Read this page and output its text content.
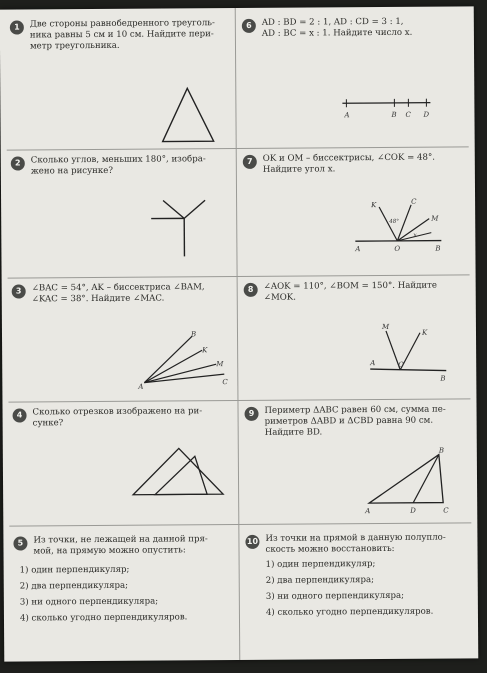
1	Две стороны равнобедренного треуголь-
ника равны 5 см и 10 см. Найдите пери-
метр треугольника.
6	AD : BD = 2 : 1, AD : CD = 3 : 1,
AD : BC = x : 1. Найдите число x.
A	B C D
2	Сколько углов, меньших 180°, изобра-
жено на рисунке?
7	OK и OM – биссектрисы, ∠COK = 48°.
Найдите угол x.
K	C
M
A	O	B
48°
x
3	∠BAC = 54°, AK – биссектриса ∠BAM,
∠KAC = 38°. Найдите ∠MAC.
B
K
M
A
C
8	∠AOK = 110°, ∠BOM = 150°. Найдите
∠MOK.
M
K
A	O
B
4	Сколько отрезков изображено на ри-
сунке?
9	Периметр ΔABC равен 60 см, сумма пе-
риметров ΔABD и ΔCBD равна 90 см.
Найдите BD.
B
A	D	C
5	Из точки, не лежащей на данной пря-
мой, на прямую можно опустить:
1) один перпендикуляр;
2) два перпендикуляра;
3) ни одного перпендикуляра;
4) сколько угодно перпендикуляров.
10 Из точки на прямой в данную полупло-
скость можно восстановить:
1) один перпендикуляр;
2) два перпендикуляра;
3) ни одного перпендикуляра;
4) сколько угодно перпендикуляров.
